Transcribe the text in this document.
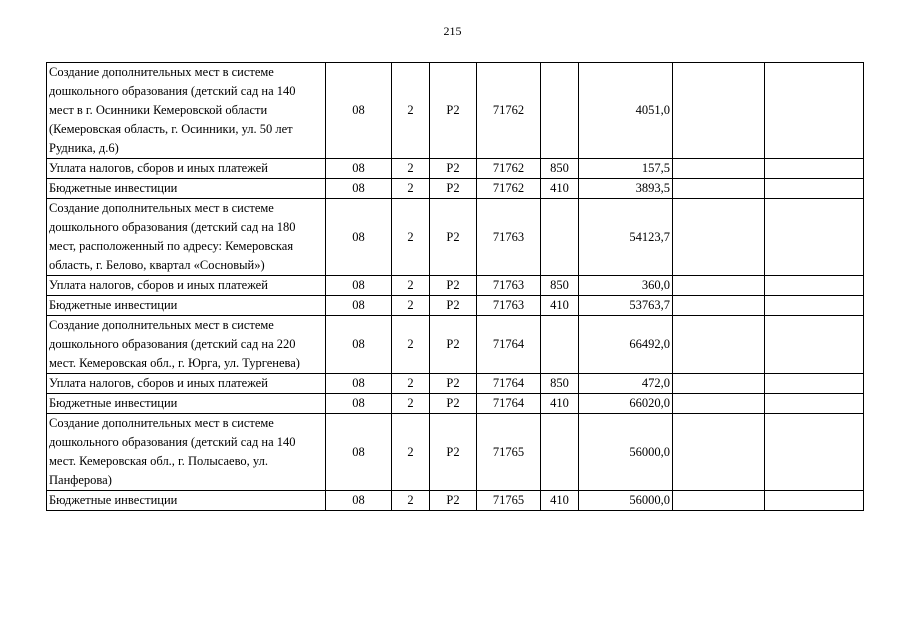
215
Создание дополнительных мест в системе дошкольного образования (детский сад на 140 мест в г. Осинники Кемеровской области (Кемеровская область, г. Осинники, ул. 50 лет Рудника, д.6)	08	2	P2	71762		4051,0		
Уплата налогов, сборов и иных платежей	08	2	P2	71762	850	157,5		
Бюджетные инвестиции	08	2	P2	71762	410	3893,5		
Создание дополнительных мест в системе дошкольного образования (детский сад на 180 мест, расположенный по адресу: Кемеровская область, г. Белово, квартал «Сосновый»)	08	2	P2	71763		54123,7		
Уплата налогов, сборов и иных платежей	08	2	P2	71763	850	360,0		
Бюджетные инвестиции	08	2	P2	71763	410	53763,7		
Создание дополнительных мест в системе дошкольного образования (детский сад на 220 мест. Кемеровская обл., г. Юрга, ул. Тургенева)	08	2	P2	71764		66492,0		
Уплата налогов, сборов и иных платежей	08	2	P2	71764	850	472,0		
Бюджетные инвестиции	08	2	P2	71764	410	66020,0		
Создание дополнительных мест в системе дошкольного образования (детский сад на 140 мест. Кемеровская обл., г. Полысаево, ул. Панферова)	08	2	P2	71765		56000,0		
Бюджетные инвестиции	08	2	P2	71765	410	56000,0		
